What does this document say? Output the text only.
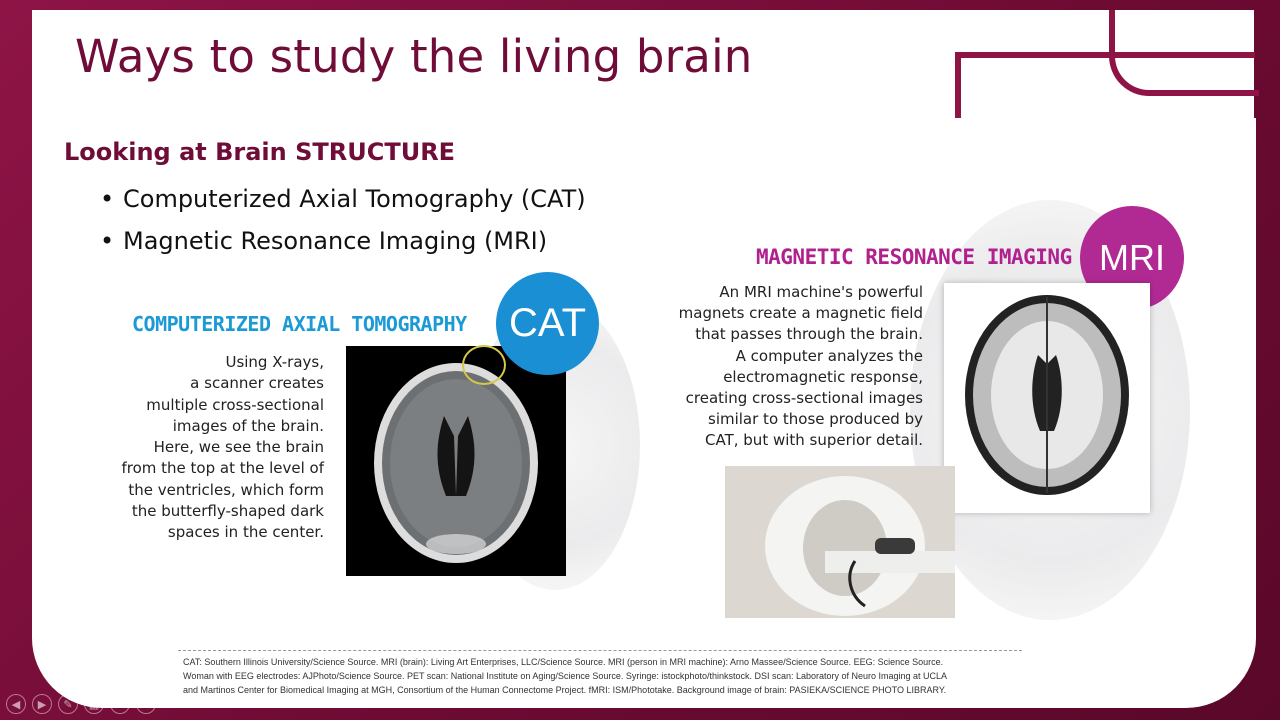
Ways to study the living brain
Looking at Brain STRUCTURE
• Computerized Axial Tomography (CAT)
• Magnetic Resonance Imaging (MRI)
COMPUTERIZED AXIAL TOMOGRAPHY	CAT
Using X-rays,
a scanner creates
multiple cross-sectional
images of the brain.
Here, we see the brain
from the top at the level of
the ventricles, which form
the butterfly-shaped dark
spaces in the center.
MAGNETIC RESONANCE IMAGING MRI
An MRI machine's powerful
magnets create a magnetic field
that passes through the brain.
A computer analyzes the
electromagnetic response,
creating cross-sectional images
similar to those produced by
CAT, but with superior detail.
CAT: Southern Illinois University/Science Source. MRI (brain): Living Art Enterprises, LLC/Science Source. MRI (person in MRI machine): Arno Massee/Science Source. EEG: Science Source.
Woman with EEG electrodes: AJPhoto/Science Source. PET scan: National Institute on Aging/Science Source. Syringe: istockphoto/thinkstock. DSI scan: Laboratory of Neuro Imaging at UCLA
and Martinos Center for Biomedical Imaging at MGH, Consortium of the Human Connectome Project. fMRI: ISM/Phototake. Background image of brain: PASIEKA/SCIENCE PHOTO LIBRARY.
◀	▶	✎	▦	⌕	···
